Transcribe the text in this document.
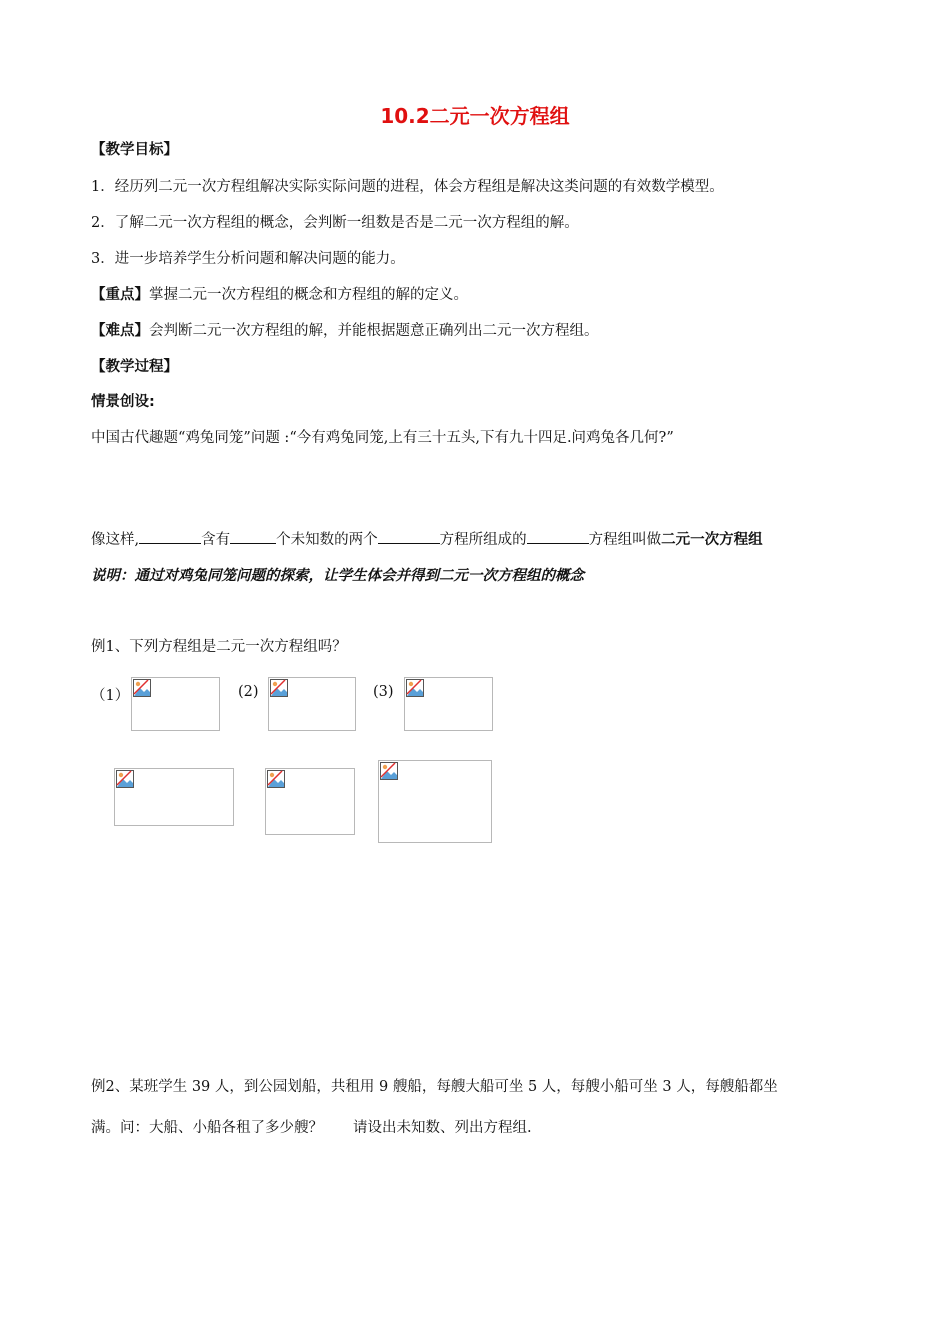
10.2二元一次方程组
【教学目标】
1．经历列二元一次方程组解决实际实际问题的进程，体会方程组是解决这类问题的有效数学模型。
2．了解二元一次方程组的概念，会判断一组数是否是二元一次方程组的解。
3．进一步培养学生分析问题和解决问题的能力。
【重点】掌握二元一次方程组的概念和方程组的解的定义。
【难点】会判断二元一次方程组的解，并能根据题意正确列出二元一次方程组。
【教学过程】
情景创设:
中国古代趣题“鸡兔同笼”问题 :“今有鸡兔同笼,上有三十五头,下有九十四足.问鸡兔各几何?”
像这样,	含有	个未知数的两个	方程所组成的	方程组叫做二元一次方程组
说明：通过对鸡兔同笼问题的探索，让学生体会并得到二元一次方程组的概念
例1、下列方程组是二元一次方程组吗？
（1）	(2)	(3)
例2、某班学生 39 人，到公园划船，共租用 9 艘船，每艘大船可坐 5 人，每艘小船可坐 3 人，每艘船都坐
满。问：大船、小船各租了多少艘？ 请设出未知数、列出方程组.
